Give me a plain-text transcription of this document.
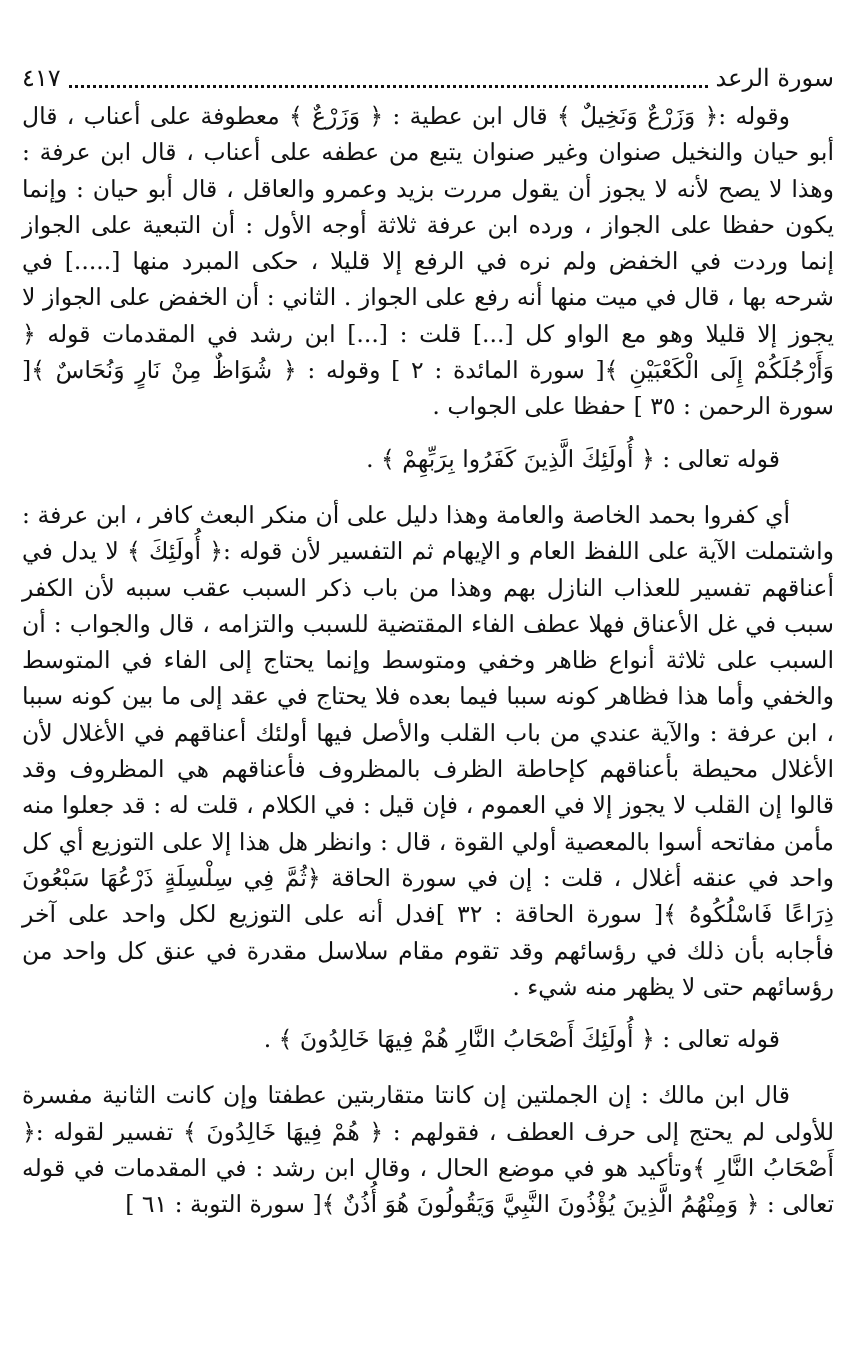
سورة الرعد
٤١٧

وقوله :﴿ وَزَرْعٌ وَنَخِيلٌ ﴾ قال ابن عطية : ﴿ وَزَرْعٌ ﴾ معطوفة على أعناب ، قال أبو حيان والنخيل صنوان وغير صنوان يتبع من عطفه على أعناب ، قال ابن عرفة : وهذا لا يصح لأنه لا يجوز أن يقول مررت بزيد وعمرو والعاقل ، قال أبو حيان : وإنما يكون حفظا على الجواز ، ورده ابن عرفة ثلاثة أوجه الأول : أن التبعية على الجواز إنما وردت في الخفض ولم نره في الرفع إلا قليلا ، حكى المبرد منها [.....] في شرحه بها ، قال في ميت منها أنه رفع على الجواز . الثاني : أن الخفض على الجواز لا يجوز إلا قليلا وهو مع الواو كل [...] قلت : [...] ابن رشد في المقدمات قوله ﴿ وَأَرْجُلَكُمْ إِلَى الْكَعْبَيْنِ ﴾[ سورة المائدة : ٢ ] وقوله : ﴿ شُوَاظٌ مِنْ نَارٍ وَنُحَاسٌ ﴾[ سورة الرحمن : ٣٥ ] حفظا على الجواب .

قوله تعالى : ﴿ أُولَئِكَ الَّذِينَ كَفَرُوا بِرَبِّهِمْ ﴾ .

أي كفروا بحمد الخاصة والعامة وهذا دليل على أن منكر البعث كافر ، ابن عرفة : واشتملت الآية على اللفظ العام و الإيهام ثم التفسير لأن قوله :﴿ أُولَئِكَ ﴾ لا يدل في أعناقهم تفسير للعذاب النازل بهم وهذا من باب ذكر السبب عقب سببه لأن الكفر سبب في غل الأعناق فهلا عطف الفاء المقتضية للسبب والتزامه ، قال والجواب : أن السبب على ثلاثة أنواع ظاهر وخفي ومتوسط وإنما يحتاج إلى الفاء في المتوسط والخفي وأما هذا فظاهر كونه سببا فيما بعده فلا يحتاج في عقد إلى ما بين كونه سببا ، ابن عرفة : والآية عندي من باب القلب والأصل فيها أولئك أعناقهم في الأغلال لأن الأغلال محيطة بأعناقهم كإحاطة الظرف بالمظروف فأعناقهم هي المظروف وقد قالوا إن القلب لا يجوز إلا في العموم ، فإن قيل : في الكلام ، قلت له : قد جعلوا منه مأمن مفاتحه أسوا بالمعصية أولي القوة ، قال : وانظر هل هذا إلا على التوزيع أي كل واحد في عنقه أغلال ، قلت : إن في سورة الحاقة ﴿ثُمَّ فِي سِلْسِلَةٍ ذَرْعُهَا سَبْعُونَ ذِرَاعًا فَاسْلُكُوهُ ﴾[ سورة الحاقة : ٣٢ ]فدل أنه على التوزيع لكل واحد على آخر فأجابه بأن ذلك في رؤسائهم وقد تقوم مقام سلاسل مقدرة في عنق كل واحد من رؤسائهم حتى لا يظهر منه شيء .

قوله تعالى : ﴿ أُولَئِكَ أَصْحَابُ النَّارِ هُمْ فِيهَا خَالِدُونَ ﴾ .

قال ابن مالك : إن الجملتين إن كانتا متقاربتين عطفتا وإن كانت الثانية مفسرة للأولى لم يحتج إلى حرف العطف ، فقولهم : ﴿ هُمْ فِيهَا خَالِدُونَ ﴾ تفسير لقوله :﴿ أَصْحَابُ النَّارِ ﴾وتأكيد هو في موضع الحال ، وقال ابن رشد : في المقدمات في قوله تعالى : ﴿ وَمِنْهُمُ الَّذِينَ يُؤْذُونَ النَّبِيَّ وَيَقُولُونَ هُوَ أُذُنٌ ﴾[ سورة التوبة : ٦١ ]
